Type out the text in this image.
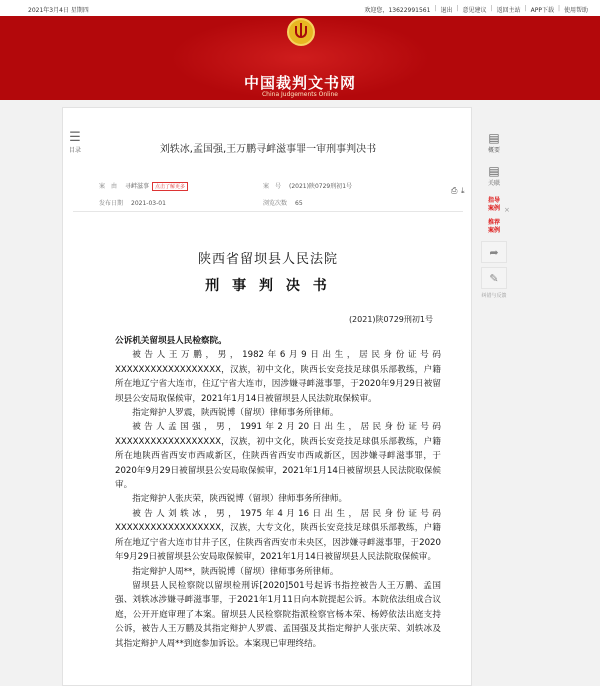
2021年3月4日 星期四	欢迎您，13622991561 | 退出 | 意见建议 | 返回主站 | APP下载 | 使用帮助
中国裁判文书网
China Judgements Online
刘轶冰,孟国强,王万鹏寻衅滋事罪一审刑事判决书
案　由 寻衅滋事 点击了解更多	案　号 (2021)陕0729刑初1号
发布日期 2021-03-01	浏览次数 65
⎙ ⤓
陕西省留坝县人民法院
刑 事 判 决 书
(2021)陕0729刑初1号

公诉机关留坝县人民检察院。

被告人王万鹏，男，1982年6月9日出生，居民身份证号码XXXXXXXXXXXXXXXXXX，汉族，初中文化，陕西长安竞技足球俱乐部教练，户籍所在地辽宁省大连市，住辽宁省大连市，因涉嫌寻衅滋事罪，于2020年9月29日被留坝县公安局取保候审，2021年1月14日被留坝县人民法院取保候审。

指定辩护人罗震，陕西锐博（留坝）律师事务所律师。

被告人孟国强，男，1991年2月20日出生，居民身份证号码XXXXXXXXXXXXXXXXXX，汉族，初中文化，陕西长安竞技足球俱乐部教练，户籍所在地陕西省西安市西咸新区，住陕西省西安市西咸新区，因涉嫌寻衅滋事罪，于2020年9月29日被留坝县公安局取保候审，2021年1月14日被留坝县人民法院取保候审。

指定辩护人张庆荣，陕西锐博（留坝）律师事务所律师。

被告人刘轶冰，男，1975年4月16日出生，居民身份证号码XXXXXXXXXXXXXXXXXX，汉族，大专文化，陕西长安竞技足球俱乐部教练，户籍所在地辽宁省大连市甘井子区，住陕西省西安市未央区，因涉嫌寻衅滋事罪，于2020年9月29日被留坝县公安局取保候审，2021年1月14日被留坝县人民法院取保候审。

指定辩护人周**，陕西锐博（留坝）律师事务所律师。

留坝县人民检察院以留坝检刑诉[2020]501号起诉书指控被告人王万鹏、孟国强、刘轶冰涉嫌寻衅滋事罪，于2021年1月11日向本院提起公诉。本院依法组成合议庭，公开开庭审理了本案。留坝县人民检察院指派检察官杨本荣、杨婷依法出庭支持公诉，被告人王万鹏及其指定辩护人罗震、孟国强及其指定辩护人张庆荣、刘轶冰及其指定辩护人周**到庭参加诉讼。本案现已审理终结。

☰
目录
▤
概要
▤
关联
指导案例
推荐案例
➦
✎
纠错与反馈
×
